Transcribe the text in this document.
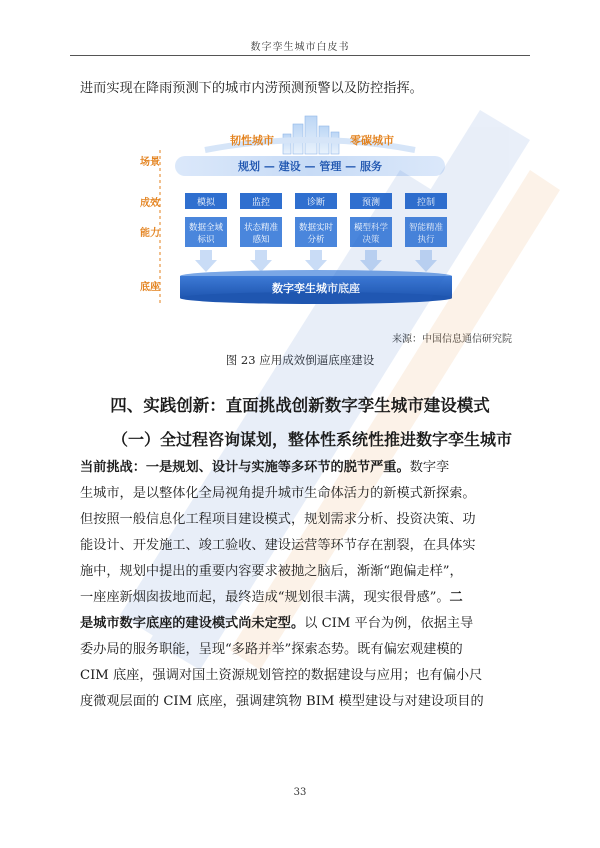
数字孪生城市白皮书
进而实现在降雨预测下的城市内涝预测预警以及防控指挥。
场景
成效
能力
底座
韧性城市	零碳城市
规划 — 建设 — 管理 — 服务
模拟	监控	诊断	预测	控制
数据全域
标识
状态精准
感知
数据实时
分析
模型科学
决策
智能精准
执行
数字孪生城市底座
来源：中国信息通信研究院
图 23 应用成效倒逼底座建设
四、实践创新：直面挑战创新数字孪生城市建设模式
（一）全过程咨询谋划，整体性系统性推进数字孪生城市
当前挑战：一是规划、设计与实施等多环节的脱节严重。数字孪
生城市，是以整体化全局视角提升城市生命体活力的新模式新探索。
但按照一般信息化工程项目建设模式，规划需求分析、投资决策、功
能设计、开发施工、竣工验收、建设运营等环节存在割裂，在具体实
施中，规划中提出的重要内容要求被抛之脑后，渐渐“跑偏走样”，
一座座新烟囱拔地而起，最终造成“规划很丰满，现实很骨感”。二
是城市数字底座的建设模式尚未定型。以 CIM 平台为例，依据主导
委办局的服务职能，呈现“多路并举”探索态势。既有偏宏观建模的
CIM 底座，强调对国土资源规划管控的数据建设与应用；也有偏小尺
度微观层面的 CIM 底座，强调建筑物 BIM 模型建设与对建设项目的
33
